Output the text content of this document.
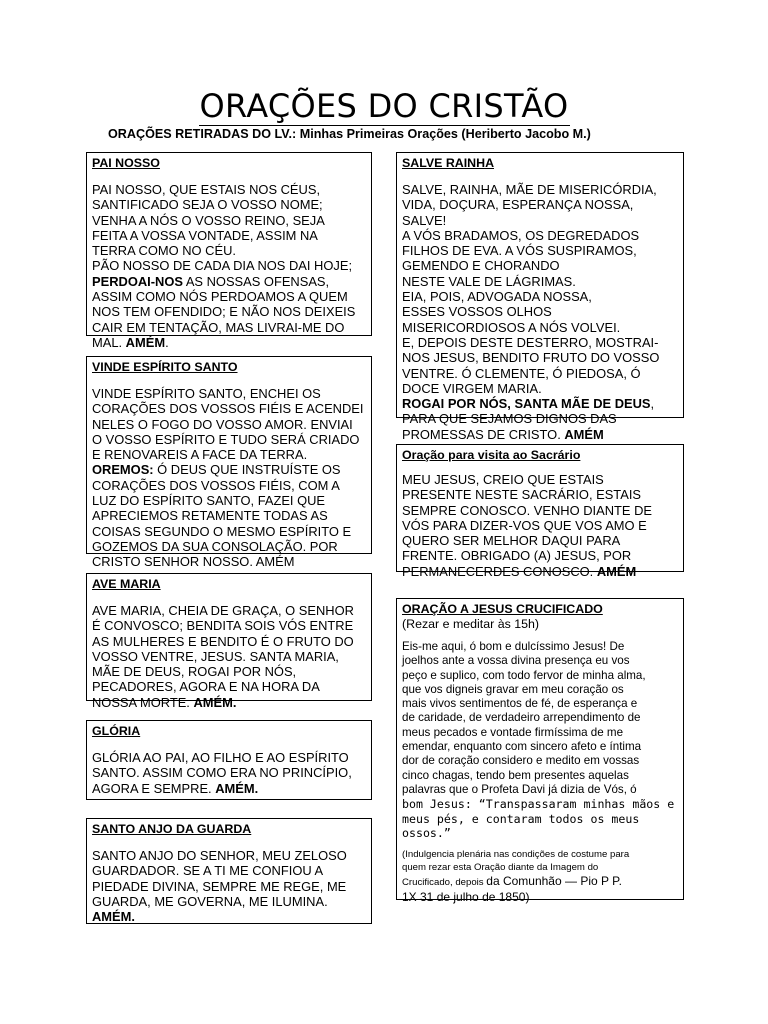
ORAÇÕES DO CRISTÃO
ORAÇÕES RETIRADAS DO LV.: Minhas Primeiras Orações (Heriberto Jacobo M.)
PAI NOSSO

PAI NOSSO, QUE ESTAIS NOS CÉUS,

SANTIFICADO SEJA O VOSSO NOME;

VENHA A NÓS O VOSSO REINO, SEJA

FEITA A VOSSA VONTADE, ASSIM NA

TERRA COMO NO CÉU.

PÃO NOSSO DE CADA DIA NOS DAI HOJE;

PERDOAI-NOS AS NOSSAS OFENSAS,

ASSIM COMO NÓS PERDOAMOS A QUEM

NOS TEM OFENDIDO; E NÃO NOS DEIXEIS

CAIR EM TENTAÇÃO, MAS LIVRAI-ME DO

MAL. AMÉM.

VINDE ESPÍRITO SANTO

VINDE ESPÍRITO SANTO, ENCHEI OS

CORAÇÕES DOS VOSSOS FIÉIS E ACENDEI

NELES O FOGO DO VOSSO AMOR. ENVIAI

O VOSSO ESPÍRITO E TUDO SERÁ CRIADO

E RENOVAREIS A FACE DA TERRA.

OREMOS: Ó DEUS QUE INSTRUÍSTE OS

CORAÇÕES DOS VOSSOS FIÉIS, COM A

LUZ DO ESPÍRITO SANTO, FAZEI QUE

APRECIEMOS RETAMENTE TODAS AS

COISAS SEGUNDO O MESMO ESPÍRITO E

GOZEMOS DA SUA CONSOLAÇÃO. POR

CRISTO SENHOR NOSSO. AMÉM

AVE MARIA

AVE MARIA, CHEIA DE GRAÇA, O SENHOR

É CONVOSCO; BENDITA SOIS VÓS ENTRE

AS MULHERES E BENDITO É O FRUTO DO

VOSSO VENTRE, JESUS. SANTA MARIA,

MÃE DE DEUS, ROGAI POR NÓS,

PECADORES, AGORA E NA HORA DA

NOSSA MORTE. AMÉM.

GLÓRIA

GLÓRIA AO PAI, AO FILHO E AO ESPÍRITO

SANTO. ASSIM COMO ERA NO PRINCÍPIO,

AGORA E SEMPRE. AMÉM.

SANTO ANJO DA GUARDA

SANTO ANJO DO SENHOR, MEU ZELOSO

GUARDADOR. SE A TI ME CONFIOU A

PIEDADE DIVINA, SEMPRE ME REGE, ME

GUARDA, ME GOVERNA, ME ILUMINA.

AMÉM.

SALVE RAINHA

SALVE, RAINHA, MÃE DE MISERICÓRDIA,

VIDA, DOÇURA, ESPERANÇA NOSSA,

SALVE!

A VÓS BRADAMOS, OS DEGREDADOS

FILHOS DE EVA. A VÓS SUSPIRAMOS,

GEMENDO E CHORANDO

NESTE VALE DE LÁGRIMAS.

EIA, POIS, ADVOGADA NOSSA,

ESSES VOSSOS OLHOS

MISERICORDIOSOS A NÓS VOLVEI.

E, DEPOIS DESTE DESTERRO, MOSTRAI-

NOS JESUS, BENDITO FRUTO DO VOSSO

VENTRE. Ó CLEMENTE, Ó PIEDOSA, Ó

DOCE VIRGEM MARIA.

ROGAI POR NÓS, SANTA MÃE DE DEUS,

PARA QUE SEJAMOS DIGNOS DAS

PROMESSAS DE CRISTO. AMÉM

Oração para visita ao Sacrário

MEU JESUS, CREIO QUE ESTAIS

PRESENTE NESTE SACRÁRIO, ESTAIS

SEMPRE CONOSCO. VENHO DIANTE DE

VÓS PARA DIZER-VOS QUE VOS AMO E

QUERO SER MELHOR DAQUI PARA

FRENTE. OBRIGADO (A) JESUS, POR

PERMANECERDES CONOSCO. AMÉM

ORAÇÃO A JESUS CRUCIFICADO

(Rezar e meditar às 15h)

Eis-me aqui, ó bom e dulcíssimo Jesus! De

joelhos ante a vossa divina presença eu vos

peço e suplico, com todo fervor de minha alma,

que vos digneis gravar em meu coração os

mais vivos sentimentos de fé, de esperança e

de caridade, de verdadeiro arrependimento de

meus pecados e vontade firmíssima de me

emendar, enquanto com sincero afeto e íntima

dor de coração considero e medito em vossas

cinco chagas, tendo bem presentes aquelas

palavras que o Profeta Davi já dizia de Vós, ó

bom Jesus: “Transpassaram minhas mãos e

meus pés, e contaram todos os meus ossos.”

(Indulgencia plenária nas condições de costume para

quem rezar esta Oração diante da Imagem do

Crucificado, depois da Comunhão — Pio P P.

1X 31 de julho de 1850)
